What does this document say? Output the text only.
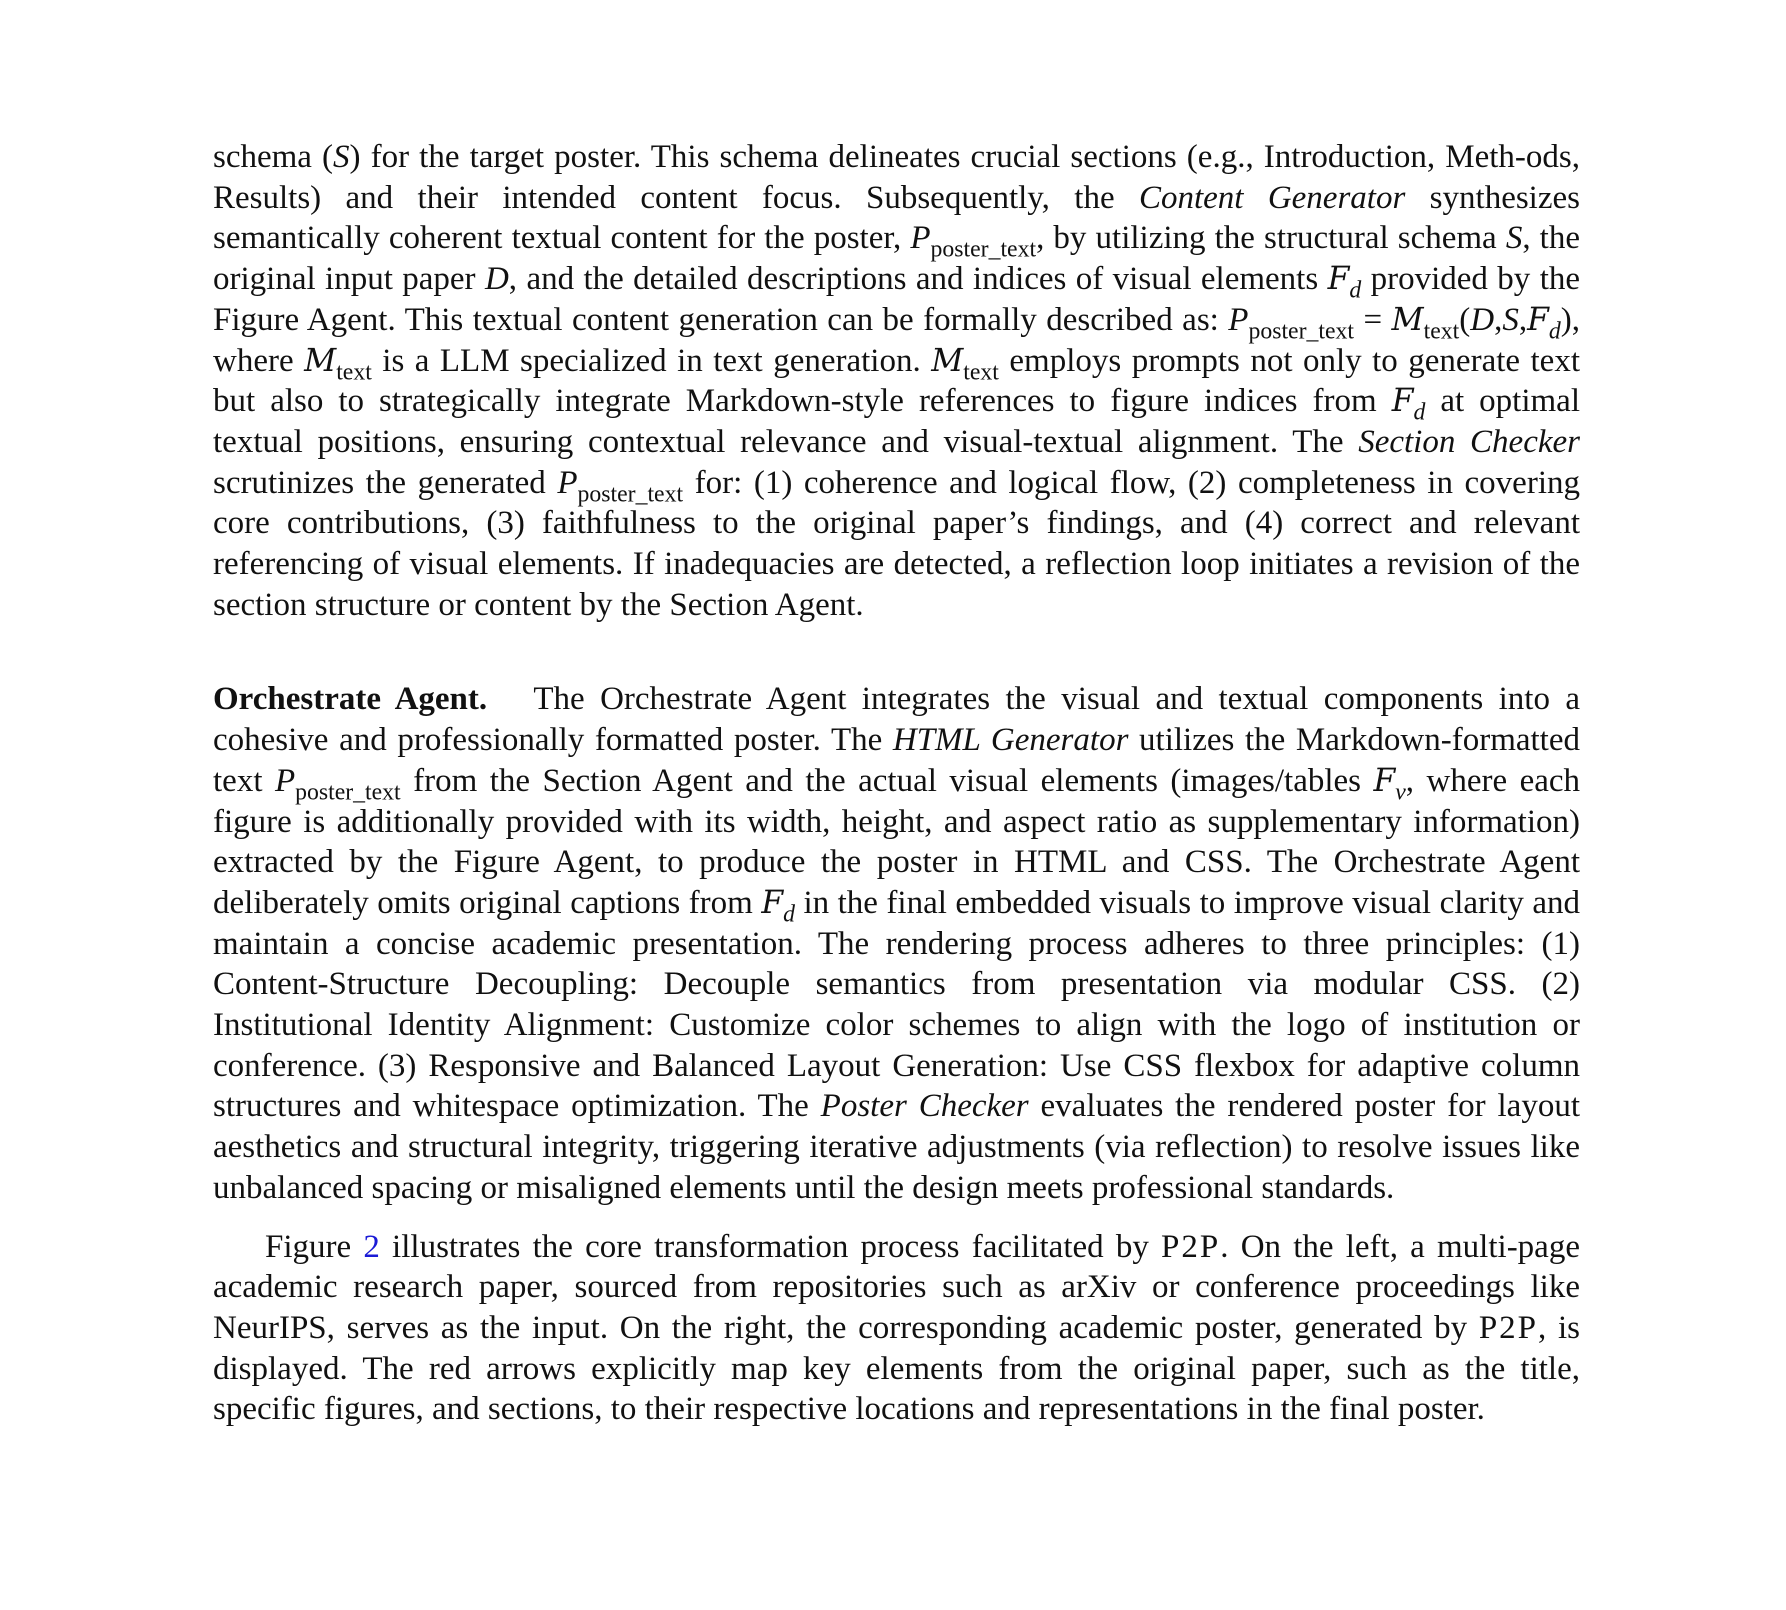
schema (S) for the target poster. This schema delineates crucial sections (e.g., Introduction, Meth-ods, Results) and their intended content focus. Subsequently, the Content Generator synthesizes semantically coherent textual content for the poster, $P_{poster\_text}$, by utilizing the structural schema S, the original input paper D, and the detailed descriptions and indices of visual elements $F_d$ provided by the Figure Agent. This textual content generation can be formally described as: $P_{poster\_text} = M_{text}(D,S,F_d)$, where $M_{text}$ is a LLM specialized in text generation. $M_{text}$ employs prompts not only to generate text but also to strategically integrate Markdown-style references to figure indices from $F_d$ at optimal textual positions, ensuring contextual relevance and visual-textual alignment. The Section Checker scrutinizes the generated $P_{poster\_text}$ for: (1) coherence and logical flow, (2) completeness in covering core contributions, (3) faithfulness to the original paper’s findings, and (4) correct and relevant referencing of visual elements. If inadequacies are detected, a reflection loop initiates a revision of the section structure or content by the Section Agent.

Orchestrate Agent. The Orchestrate Agent integrates the visual and textual components into a cohesive and professionally formatted poster. The HTML Generator utilizes the Markdown-formatted text $P_{poster\_text}$ from the Section Agent and the actual visual elements (images/tables $F_v$, where each figure is additionally provided with its width, height, and aspect ratio as supplementary information) extracted by the Figure Agent, to produce the poster in HTML and CSS. The Orchestrate Agent deliberately omits original captions from $F_d$ in the final embedded visuals to improve visual clarity and maintain a concise academic presentation. The rendering process adheres to three principles: (1) Content-Structure Decoupling: Decouple semantics from presentation via modular CSS. (2) Institutional Identity Alignment: Customize color schemes to align with the logo of institution or conference. (3) Responsive and Balanced Layout Generation: Use CSS flexbox for adaptive column structures and whitespace optimization. The Poster Checker evaluates the rendered poster for layout aesthetics and structural integrity, triggering iterative adjustments (via reflection) to resolve issues like unbalanced spacing or misaligned elements until the design meets professional standards.

Figure 2 illustrates the core transformation process facilitated by P2P. On the left, a multi-page academic research paper, sourced from repositories such as arXiv or conference proceedings like NeurIPS, serves as the input. On the right, the corresponding academic poster, generated by P2P, is displayed. The red arrows explicitly map key elements from the original paper, such as the title, specific figures, and sections, to their respective locations and representations in the final poster.
